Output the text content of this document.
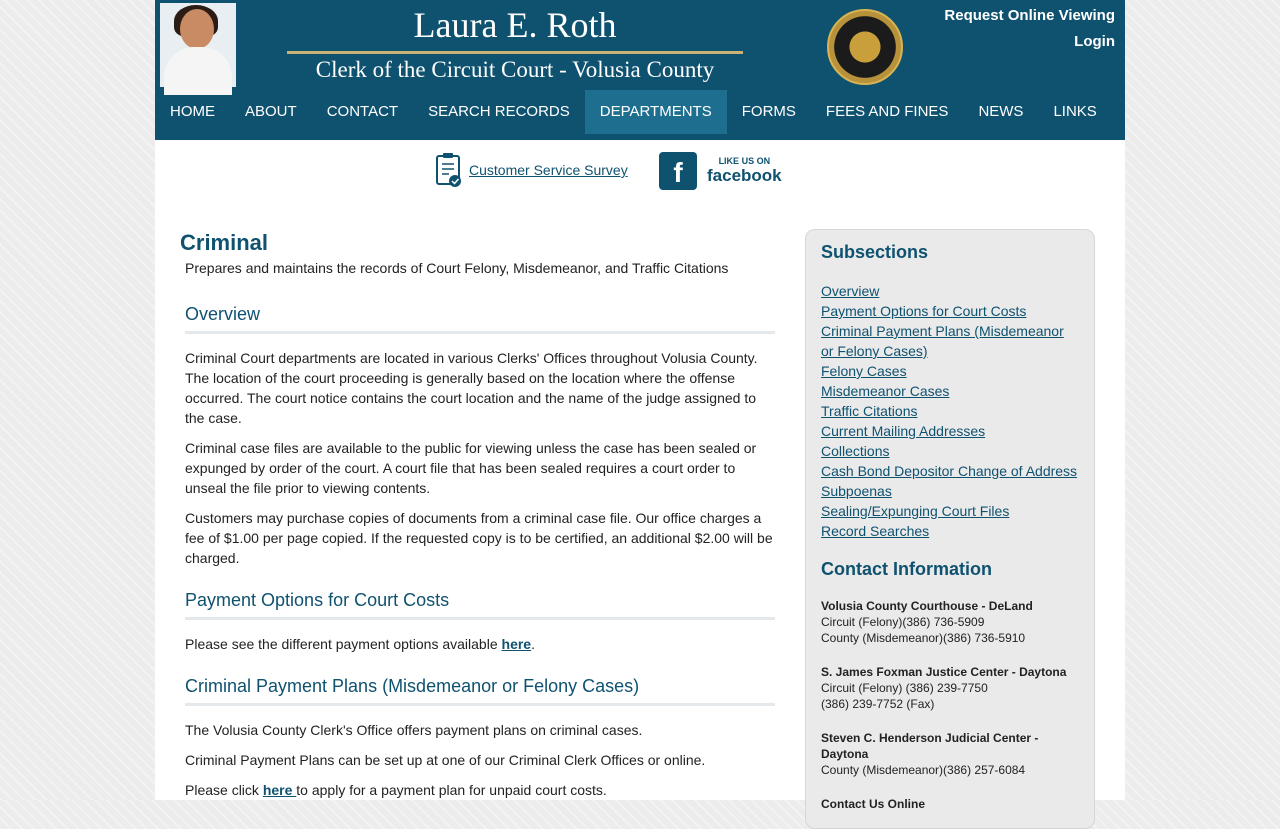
Laura E. Roth
Clerk of the Circuit Court - Volusia County
Request Online Viewing
Login
HOME	ABOUT	CONTACT	SEARCH RECORDS	DEPARTMENTS	FORMS	FEES AND FINES	NEWS	LINKS
Customer Service Survey	f	LIKE US ON
facebook
Criminal
Prepares and maintains the records of Court Felony, Misdemeanor, and Traffic Citations
Overview

Criminal Court departments are located in various Clerks' Offices throughout Volusia County. The location of the court proceeding is generally based on the location where the offense occurred. The court notice contains the court location and the name of the judge assigned to the case.

Criminal case files are available to the public for viewing unless the case has been sealed or expunged by order of the court. A court file that has been sealed requires a court order to unseal the file prior to viewing contents.

Customers may purchase copies of documents from a criminal case file. Our office charges a fee of $1.00 per page copied. If the requested copy is to be certified, an additional $2.00 will be charged.

Payment Options for Court Costs

Please see the different payment options available here.

Criminal Payment Plans (Misdemeanor or Felony Cases)

The Volusia County Clerk's Office offers payment plans on criminal cases.

Criminal Payment Plans can be set up at one of our Criminal Clerk Offices or online.

Please click here to apply for a payment plan for unpaid court costs.

Subsections
Overview
Payment Options for Court Costs
Criminal Payment Plans (Misdemeanor or Felony Cases)
Felony Cases
Misdemeanor Cases
Traffic Citations
Current Mailing Addresses
Collections
Cash Bond Depositor Change of Address
Subpoenas
Sealing/Expunging Court Files
Record Searches
Contact Information
Volusia County Courthouse - DeLand
Circuit (Felony)(386) 736-5909
County (Misdemeanor)(386) 736-5910
S. James Foxman Justice Center - Daytona
Circuit (Felony) (386) 239-7750
(386) 239-7752 (Fax)
Steven C. Henderson Judicial Center - Daytona
County (Misdemeanor)(386) 257-6084
Contact Us Online
